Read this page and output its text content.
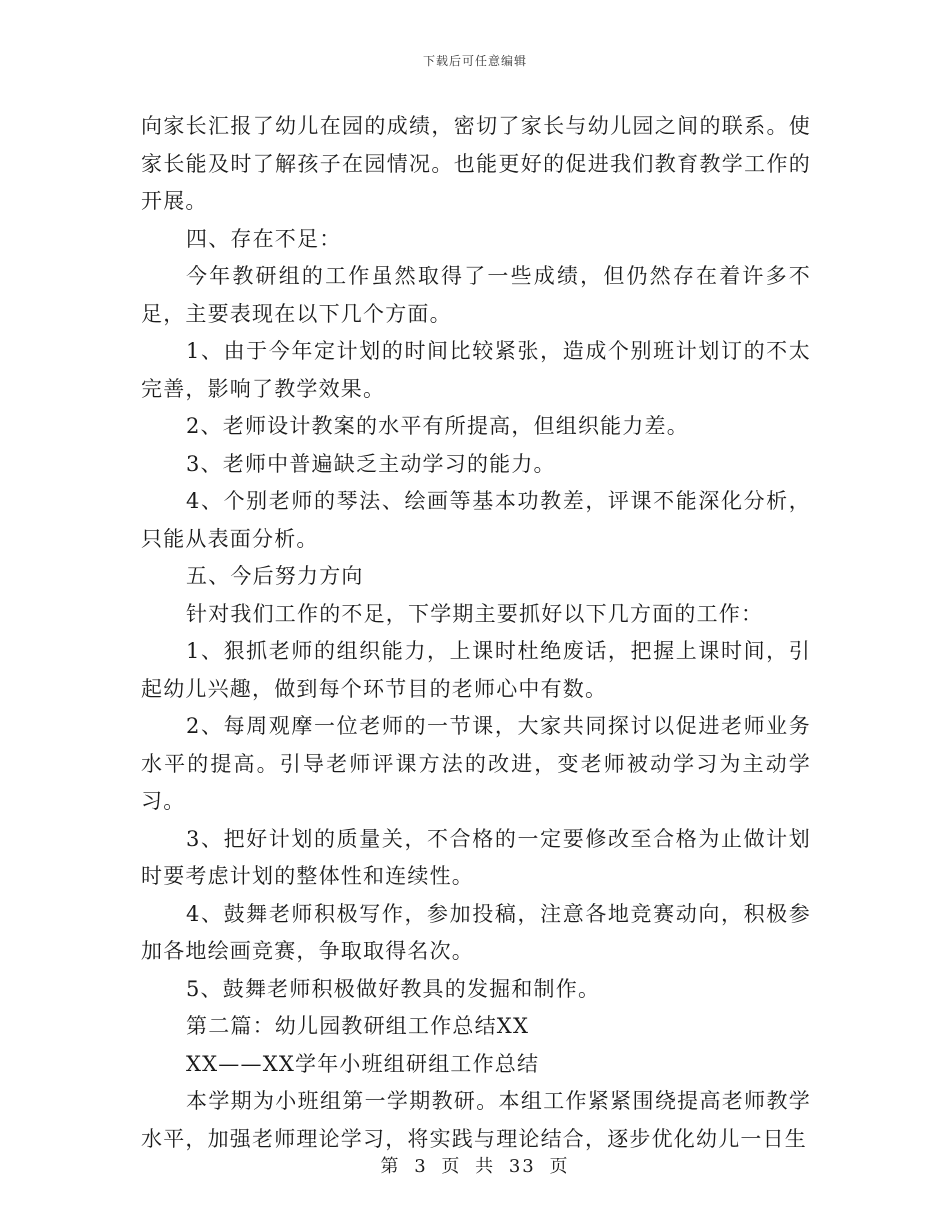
下载后可任意编辑

向家长汇报了幼儿在园的成绩，密切了家长与幼儿园之间的联系。使家长能及时了解孩子在园情况。也能更好的促进我们教育教学工作的开展。

四、存在不足：

今年教研组的工作虽然取得了一些成绩，但仍然存在着许多不足，主要表现在以下几个方面。

1、由于今年定计划的时间比较紧张，造成个别班计划订的不太完善，影响了教学效果。

2、老师设计教案的水平有所提高，但组织能力差。

3、老师中普遍缺乏主动学习的能力。

4、个别老师的琴法、绘画等基本功教差，评课不能深化分析，只能从表面分析。

五、今后努力方向

针对我们工作的不足，下学期主要抓好以下几方面的工作：

1、狠抓老师的组织能力，上课时杜绝废话，把握上课时间，引起幼儿兴趣，做到每个环节目的老师心中有数。

2、每周观摩一位老师的一节课，大家共同探讨以促进老师业务水平的提高。引导老师评课方法的改进，变老师被动学习为主动学习。

3、把好计划的质量关，不合格的一定要修改至合格为止做计划时要考虑计划的整体性和连续性。

4、鼓舞老师积极写作，参加投稿，注意各地竞赛动向，积极参加各地绘画竞赛，争取取得名次。

5、鼓舞老师积极做好教具的发掘和制作。

第二篇：幼儿园教研组工作总结XX

XX——XX学年小班组研组工作总结

本学期为小班组第一学期教研。本组工作紧紧围绕提高老师教学水平，加强老师理论学习，将实践与理论结合，逐步优化幼儿一日生

第 3 页 共 33 页
